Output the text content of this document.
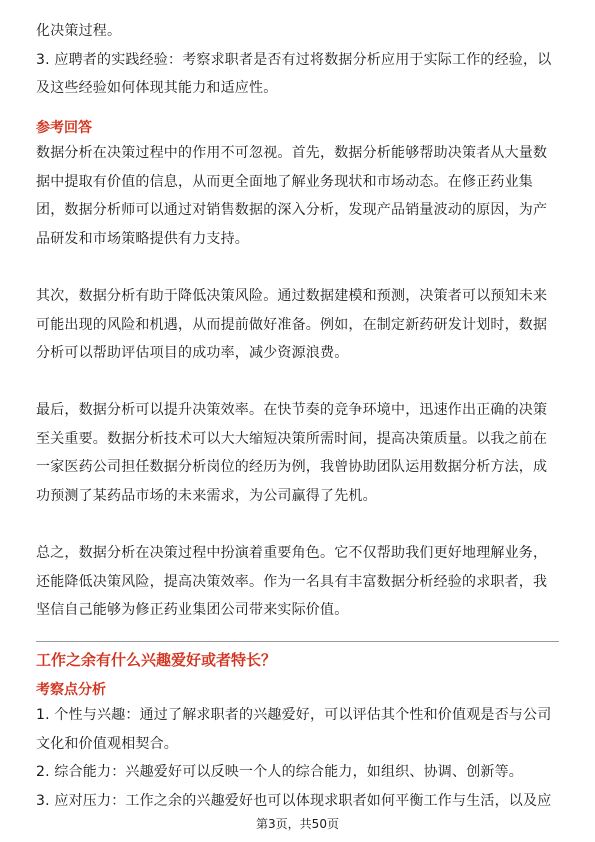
化决策过程。

3. 应聘者的实践经验：考察求职者是否有过将数据分析应用于实际工作的经验，以

及这些经验如何体现其能力和适应性。

参考回答

数据分析在决策过程中的作用不可忽视。首先，数据分析能够帮助决策者从大量数

据中提取有价值的信息，从而更全面地了解业务现状和市场动态。在修正药业集

团，数据分析师可以通过对销售数据的深入分析，发现产品销量波动的原因，为产

品研发和市场策略提供有力支持。

其次，数据分析有助于降低决策风险。通过数据建模和预测，决策者可以预知未来

可能出现的风险和机遇，从而提前做好准备。例如，在制定新药研发计划时，数据

分析可以帮助评估项目的成功率，减少资源浪费。

最后，数据分析可以提升决策效率。在快节奏的竞争环境中，迅速作出正确的决策

至关重要。数据分析技术可以大大缩短决策所需时间，提高决策质量。以我之前在

一家医药公司担任数据分析岗位的经历为例，我曾协助团队运用数据分析方法，成

功预测了某药品市场的未来需求，为公司赢得了先机。

总之，数据分析在决策过程中扮演着重要角色。它不仅帮助我们更好地理解业务，

还能降低决策风险，提高决策效率。作为一名具有丰富数据分析经验的求职者，我

坚信自己能够为修正药业集团公司带来实际价值。

工作之余有什么兴趣爱好或者特长？

考察点分析

1. 个性与兴趣：通过了解求职者的兴趣爱好，可以评估其个性和价值观是否与公司

文化和价值观相契合。

2. 综合能力：兴趣爱好可以反映一个人的综合能力，如组织、协调、创新等。

3. 应对压力：工作之余的兴趣爱好也可以体现求职者如何平衡工作与生活，以及应

第3页，共50页
